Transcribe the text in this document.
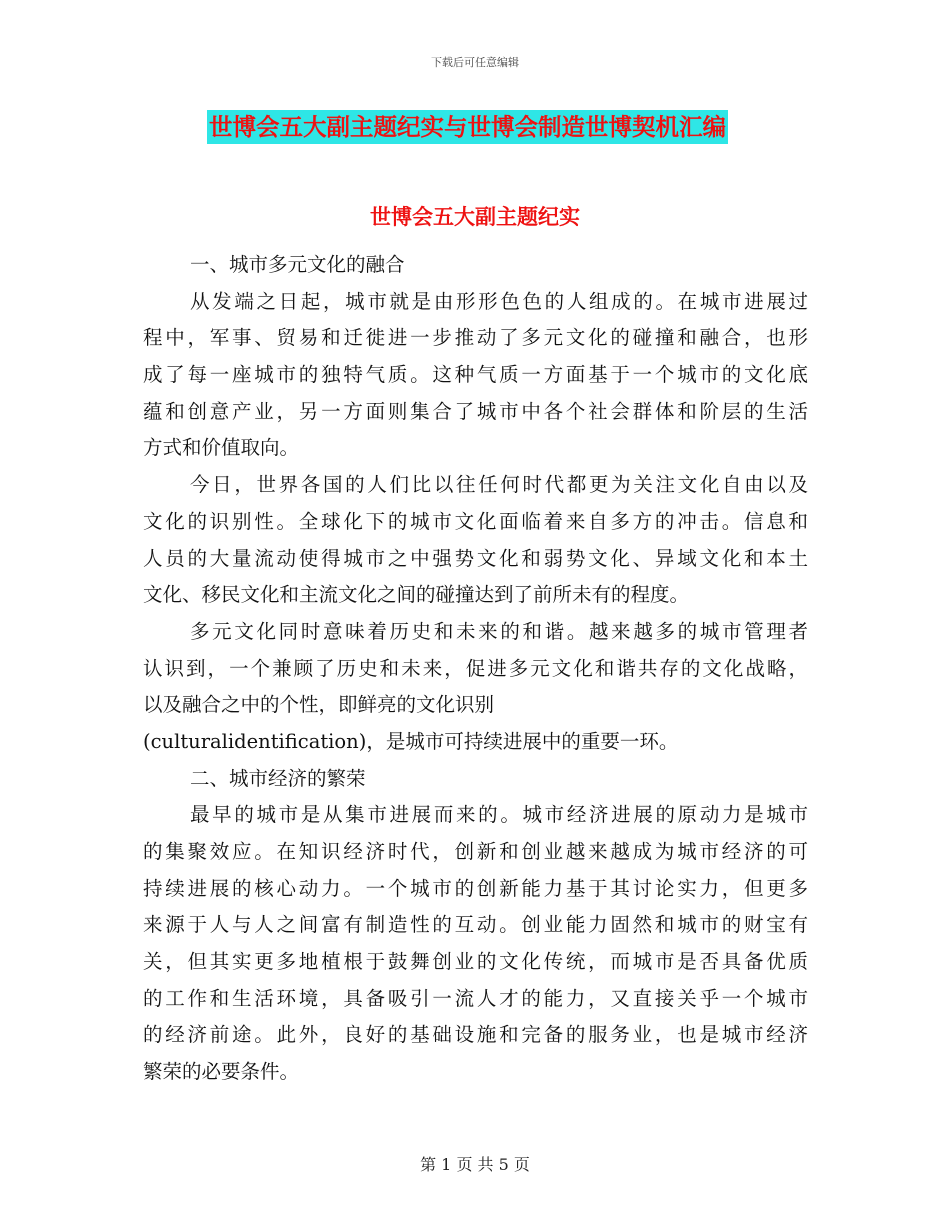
下载后可任意编辑
世博会五大副主题纪实与世博会制造世博契机汇编
世博会五大副主题纪实
一、城市多元文化的融合
从发端之日起，城市就是由形形色色的人组成的。在城市进展过
程中，军事、贸易和迁徙进一步推动了多元文化的碰撞和融合，也形
成了每一座城市的独特气质。这种气质一方面基于一个城市的文化底
蕴和创意产业，另一方面则集合了城市中各个社会群体和阶层的生活
方式和价值取向。
今日，世界各国的人们比以往任何时代都更为关注文化自由以及
文化的识别性。全球化下的城市文化面临着来自多方的冲击。信息和
人员的大量流动使得城市之中强势文化和弱势文化、异域文化和本土
文化、移民文化和主流文化之间的碰撞达到了前所未有的程度。
多元文化同时意味着历史和未来的和谐。越来越多的城市管理者
认识到，一个兼顾了历史和未来，促进多元文化和谐共存的文化战略，
以及融合之中的个性，即鲜亮的文化识别
(culturalidentification)，是城市可持续进展中的重要一环。
二、城市经济的繁荣
最早的城市是从集市进展而来的。城市经济进展的原动力是城市
的集聚效应。在知识经济时代，创新和创业越来越成为城市经济的可
持续进展的核心动力。一个城市的创新能力基于其讨论实力，但更多
来源于人与人之间富有制造性的互动。创业能力固然和城市的财宝有
关，但其实更多地植根于鼓舞创业的文化传统，而城市是否具备优质
的工作和生活环境，具备吸引一流人才的能力，又直接关乎一个城市
的经济前途。此外，良好的基础设施和完备的服务业，也是城市经济
繁荣的必要条件。
第 1 页 共 5 页
